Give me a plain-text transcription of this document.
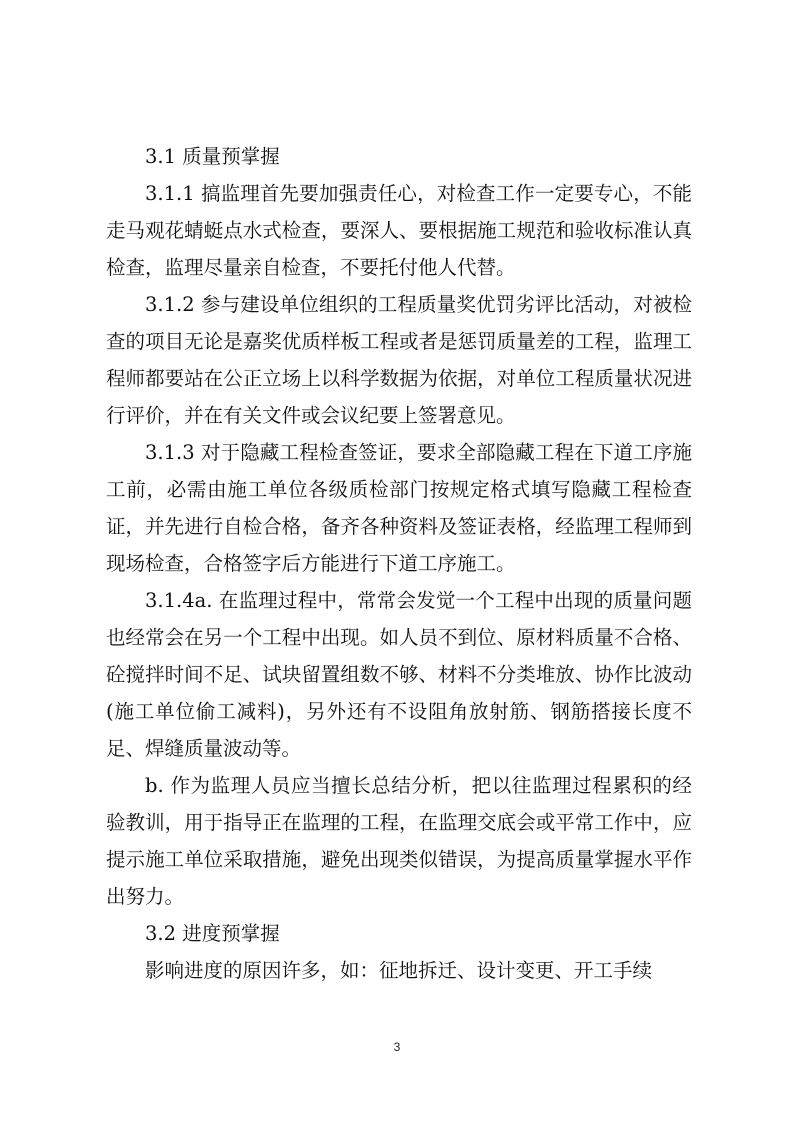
3.1 质量预掌握

3.1.1 搞监理首先要加强责任心，对检查工作一定要专心，不能走马观花蜻蜓点水式检查，要深人、要根据施工规范和验收标准认真检查，监理尽量亲自检查，不要托付他人代替。

3.1.2 参与建设单位组织的工程质量奖优罚劣评比活动，对被检查的项目无论是嘉奖优质样板工程或者是惩罚质量差的工程，监理工程师都要站在公正立场上以科学数据为依据，对单位工程质量状况进行评价，并在有关文件或会议纪要上签署意见。

3.1.3 对于隐藏工程检查签证，要求全部隐藏工程在下道工序施工前，必需由施工单位各级质检部门按规定格式填写隐藏工程检查证，并先进行自检合格，备齐各种资料及签证表格，经监理工程师到现场检查，合格签字后方能进行下道工序施工。

3.1.4a. 在监理过程中，常常会发觉一个工程中出现的质量问题也经常会在另一个工程中出现。如人员不到位、原材料质量不合格、砼搅拌时间不足、试块留置组数不够、材料不分类堆放、协作比波动(施工单位偷工减料)，另外还有不设阻角放射筋、钢筋搭接长度不足、焊缝质量波动等。

b. 作为监理人员应当擅长总结分析，把以往监理过程累积的经验教训，用于指导正在监理的工程，在监理交底会或平常工作中，应提示施工单位采取措施，避免出现类似错误，为提高质量掌握水平作出努力。

3.2 进度预掌握

影响进度的原因许多，如：征地拆迁、设计变更、开工手续

3
